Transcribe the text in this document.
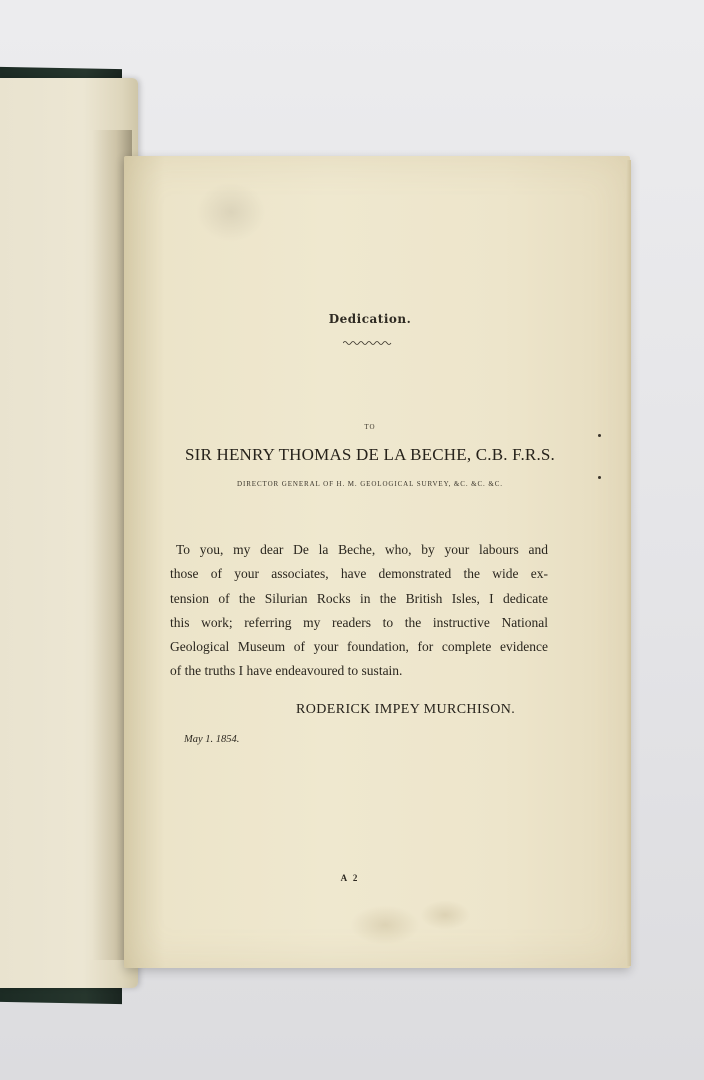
Dedication.
TO
SIR HENRY THOMAS DE LA BECHE, C.B. F.R.S.
DIRECTOR GENERAL OF H. M. GEOLOGICAL SURVEY, &C. &C. &C.
To you, my dear De la Beche, who, by your labours and
those of your associates, have demonstrated the wide ex-
tension of the Silurian Rocks in the British Isles, I dedicate
this work; referring my readers to the instructive National
Geological Museum of your foundation, for complete evidence
of the truths I have endeavoured to sustain.
RODERICK IMPEY MURCHISON.
May 1. 1854.
A 2
